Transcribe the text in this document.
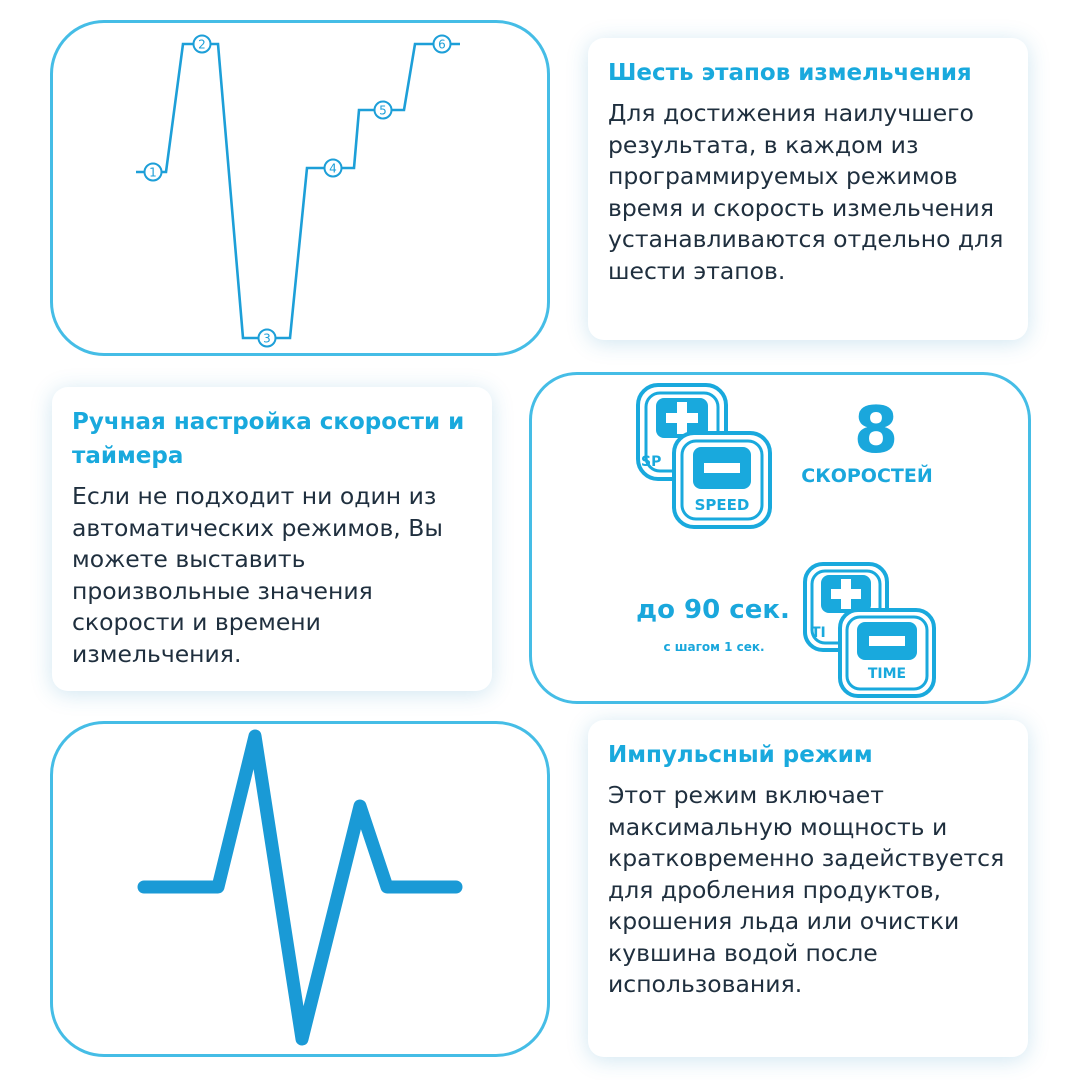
1
2
3
4
5
6
Шесть этапов измельчения
Для достижения наилучшего результата, в каждом из программируемых режимов время и скорость измельчения устанавливаются отдельно для шести этапов.
Ручная настройка скорости и таймера
Если не подходит ни один из автоматических режимов, Вы можете выставить произвольные значения скорости и времени измельчения.
SP
SPEED
TI
TIME
8
СКОРОСТЕЙ
до 90 сек.
с шагом 1 сек.
Импульсный режим
Этот режим включает максимальную мощность и кратковременно задействуется для дробления продуктов, крошения льда или очистки кувшина водой после использования.
